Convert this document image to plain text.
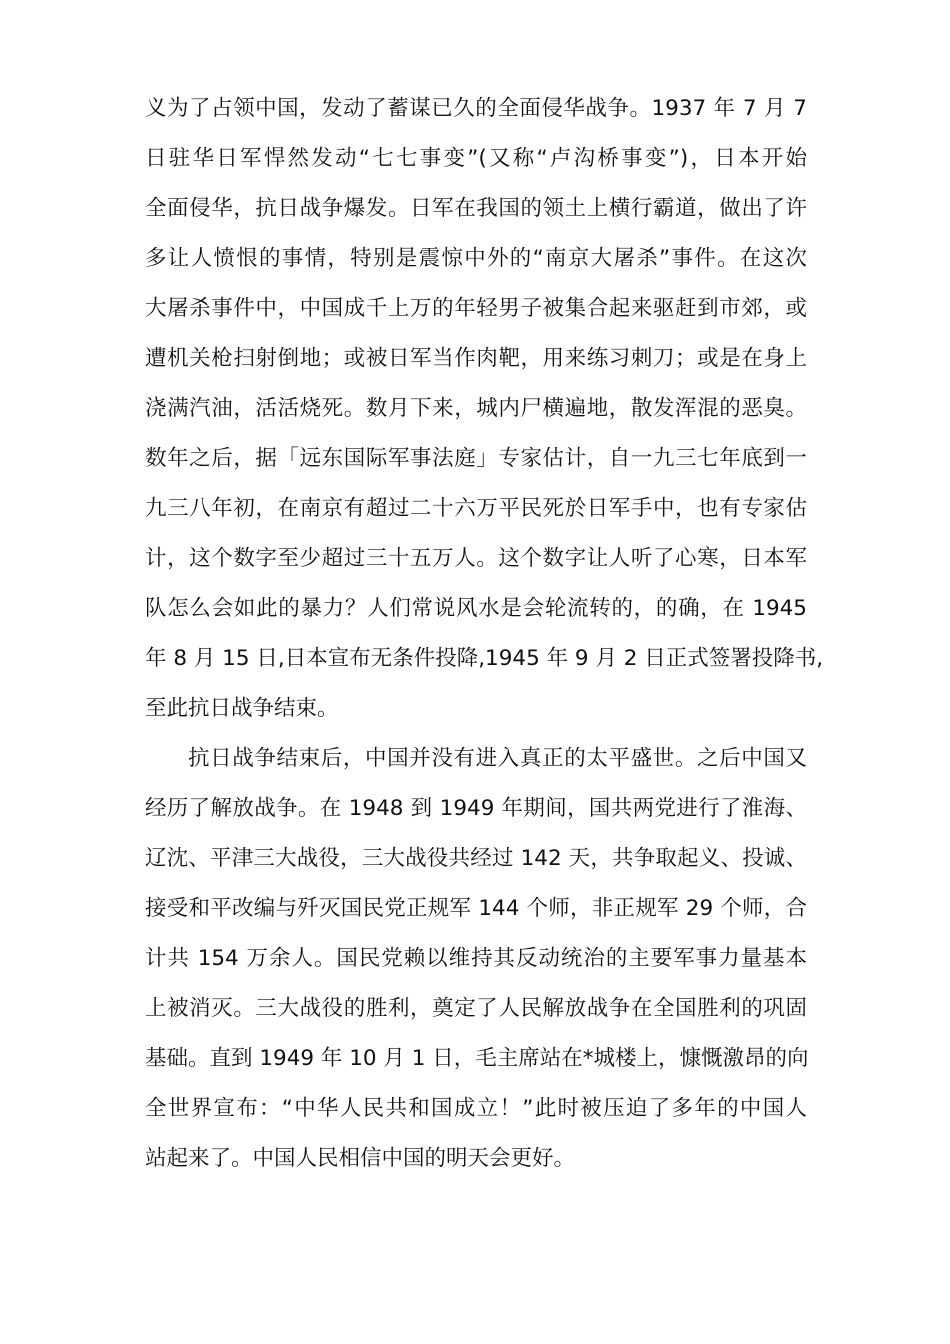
义为了占领中国，发动了蓄谋已久的全面侵华战争。1937 年 7 月 7
日驻华日军悍然发动“七七事变”(又称“卢沟桥事变”)，日本开始
全面侵华，抗日战争爆发。日军在我国的领土上横行霸道，做出了许
多让人愤恨的事情，特别是震惊中外的“南京大屠杀”事件。在这次
大屠杀事件中，中国成千上万的年轻男子被集合起来驱赶到市郊，或
遭机关枪扫射倒地；或被日军当作肉靶，用来练习刺刀；或是在身上
浇满汽油，活活烧死。数月下来，城内尸横遍地，散发浑混的恶臭。
数年之后，据「远东国际军事法庭」专家估计，自一九三七年底到一
九三八年初，在南京有超过二十六万平民死於日军手中，也有专家估
计，这个数字至少超过三十五万人。这个数字让人听了心寒，日本军
队怎么会如此的暴力？人们常说风水是会轮流转的，的确，在 1945
年 8 月 15 日,日本宣布无条件投降,1945 年 9 月 2 日正式签署投降书,
至此抗日战争结束。
抗日战争结束后，中国并没有进入真正的太平盛世。之后中国又
经历了解放战争。在 1948 到 1949 年期间，国共两党进行了淮海、
辽沈、平津三大战役，三大战役共经过 142 天，共争取起义、投诚、
接受和平改编与歼灭国民党正规军 144 个师，非正规军 29 个师，合
计共 154 万余人。国民党赖以维持其反动统治的主要军事力量基本
上被消灭。三大战役的胜利，奠定了人民解放战争在全国胜利的巩固
基础。直到 1949 年 10 月 1 日，毛主席站在*城楼上，慷慨激昂的向
全世界宣布：“中华人民共和国成立！”此时被压迫了多年的中国人
站起来了。中国人民相信中国的明天会更好。
